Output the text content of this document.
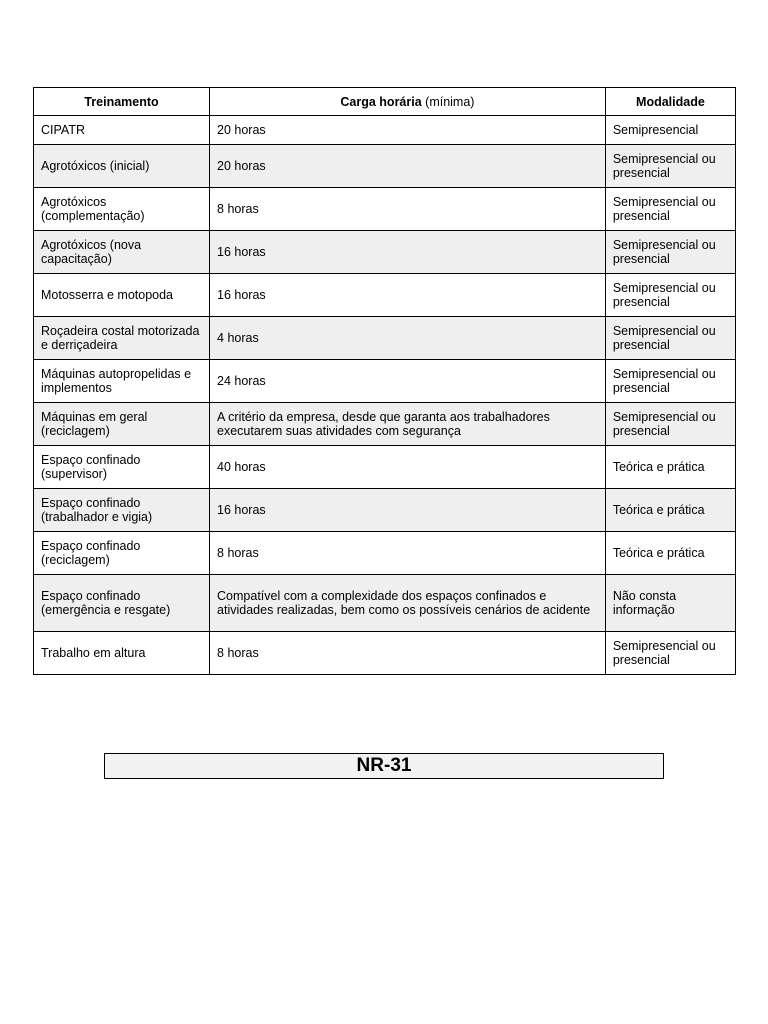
Treinamento	Carga horária (mínima)	Modalidade
CIPATR	20 horas	Semipresencial
Agrotóxicos (inicial)	20 horas	Semipresencial ou presencial
Agrotóxicos (complementação)	8 horas	Semipresencial ou presencial
Agrotóxicos (nova capacitação)	16 horas	Semipresencial ou presencial
Motosserra e motopoda	16 horas	Semipresencial ou presencial
Roçadeira costal motorizada e derriçadeira	4 horas	Semipresencial ou presencial
Máquinas autopropelidas e implementos	24 horas	Semipresencial ou presencial
Máquinas em geral (reciclagem)	A critério da empresa, desde que garanta aos trabalhadores executarem suas atividades com segurança	Semipresencial ou presencial
Espaço confinado (supervisor)	40 horas	Teórica e prática
Espaço confinado (trabalhador e vigia)	16 horas	Teórica e prática
Espaço confinado (reciclagem)	8 horas	Teórica e prática
Espaço confinado (emergência e resgate)	Compatível com a complexidade dos espaços confinados e atividades realizadas, bem como os possíveis cenários de acidente	Não consta informação
Trabalho em altura	8 horas	Semipresencial ou presencial
NR-31
